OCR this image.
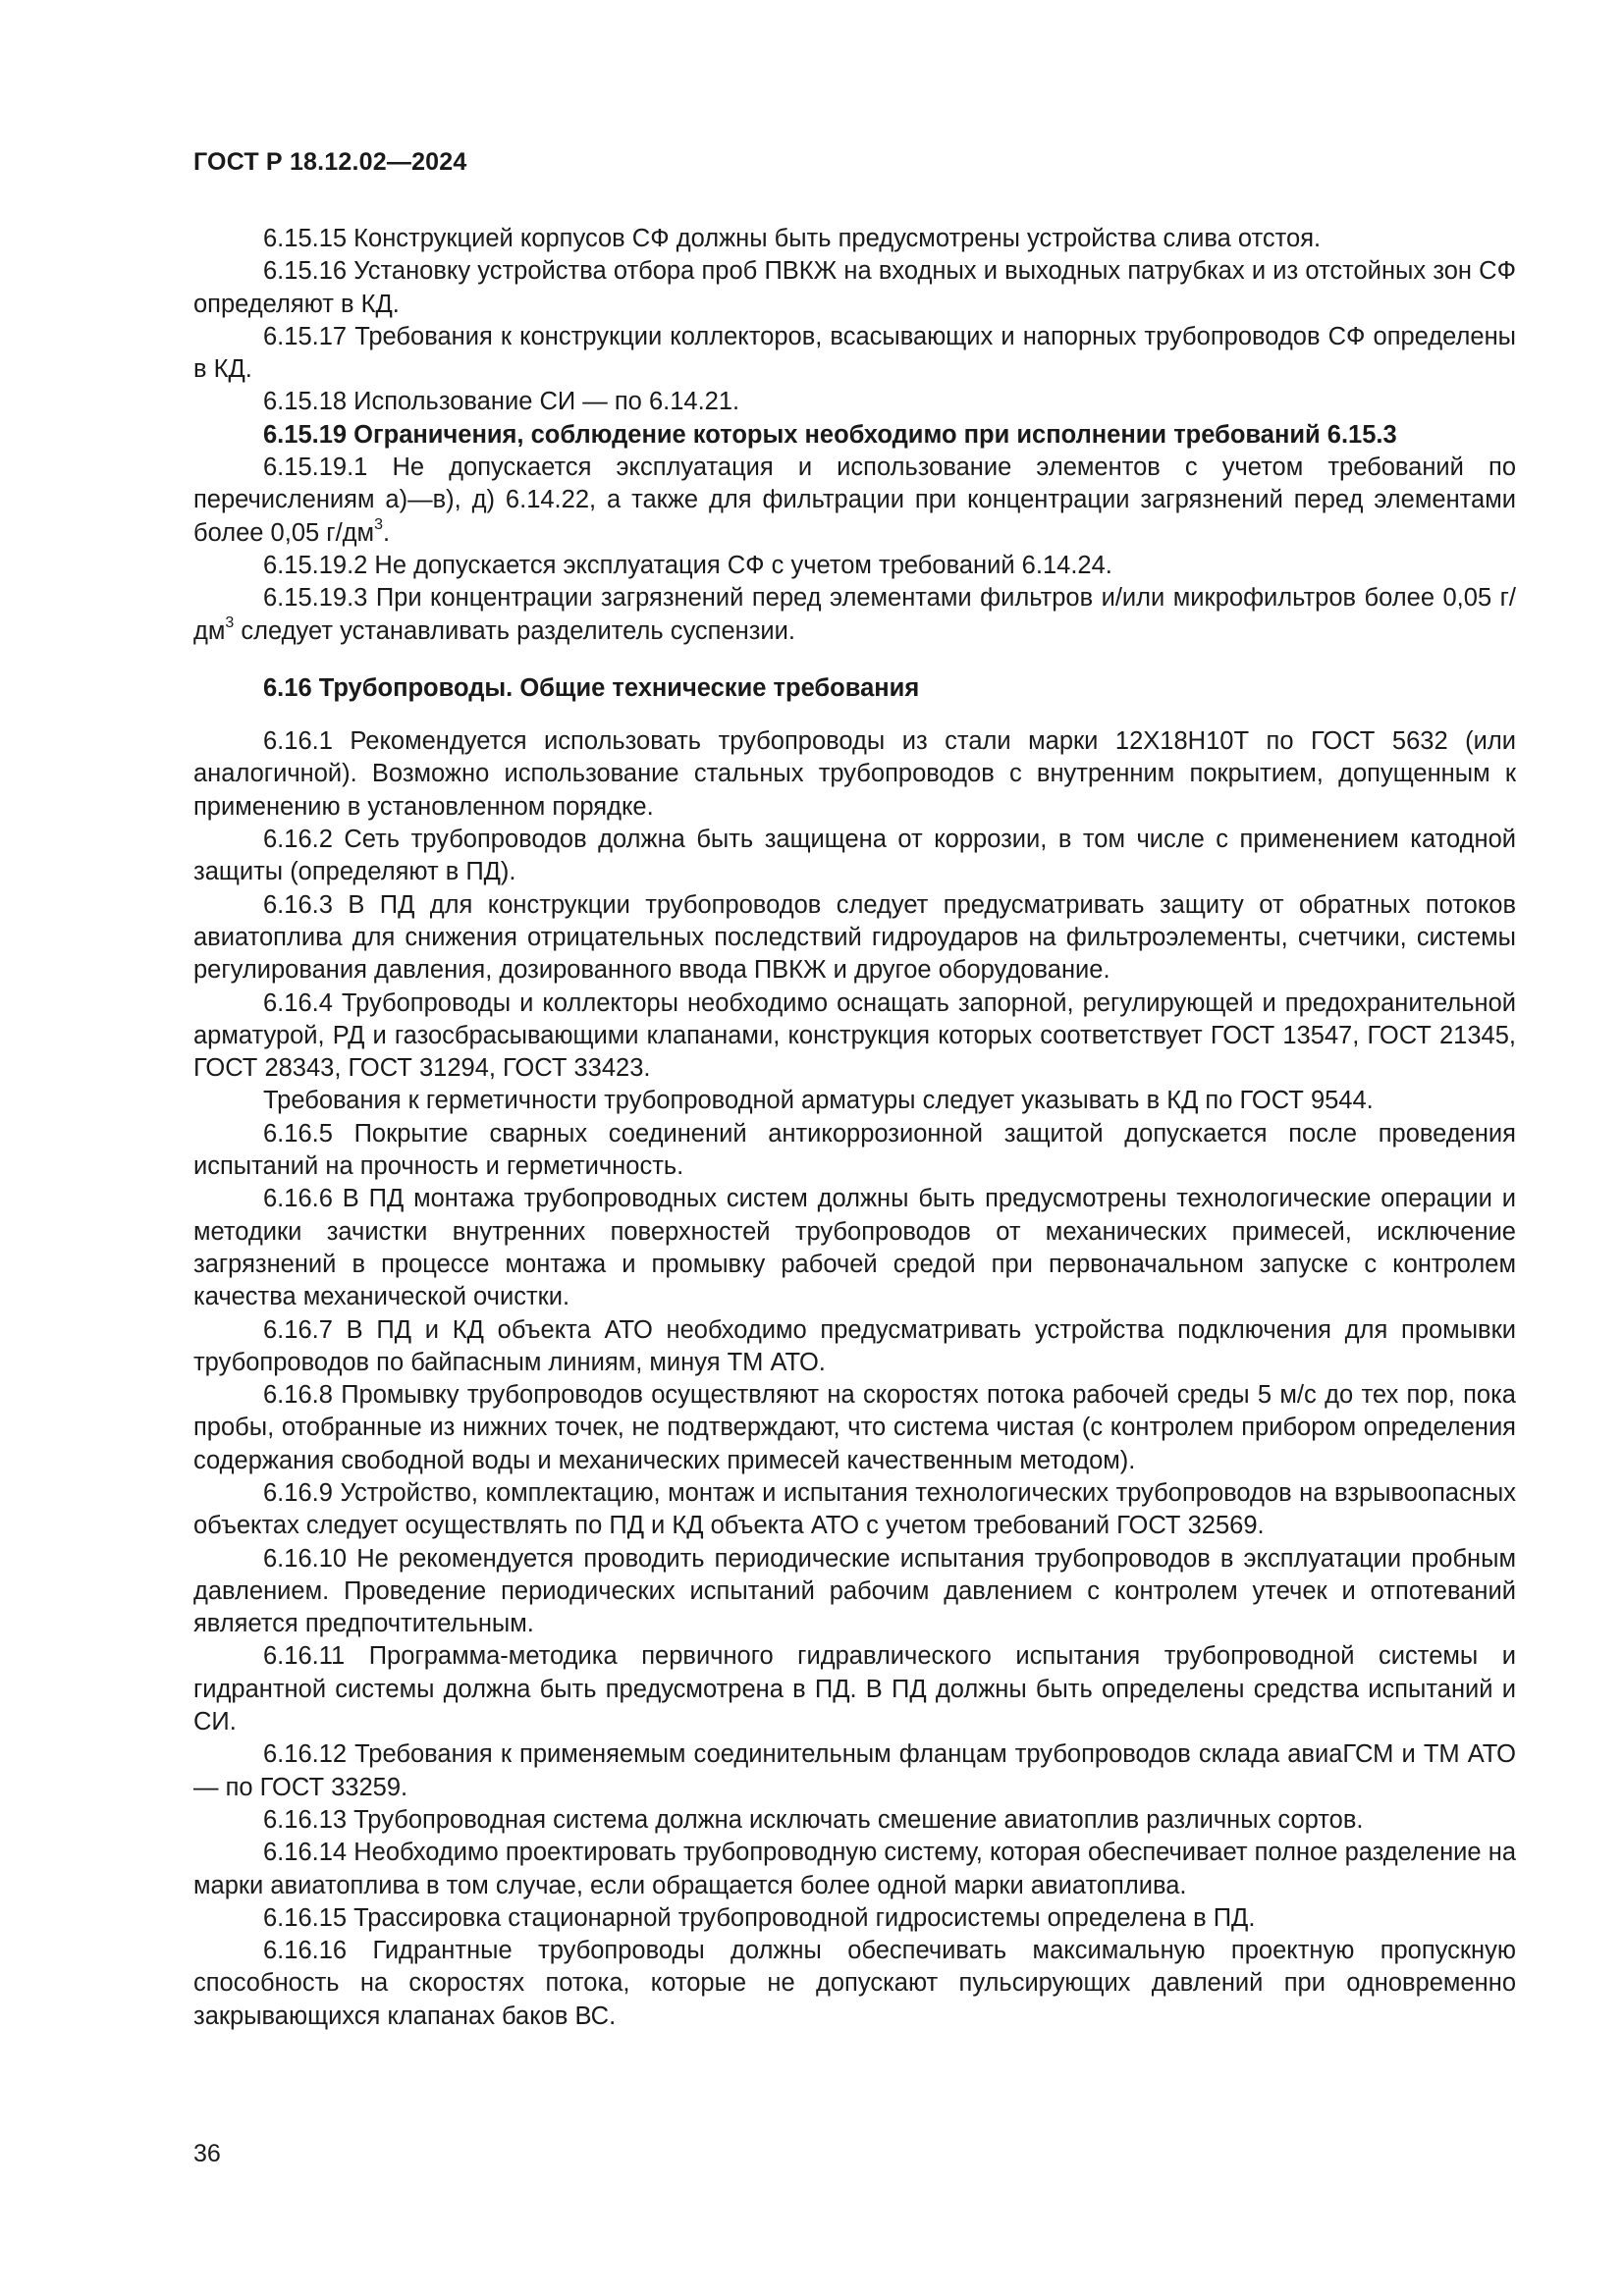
ГОСТ Р 18.12.02—2024

6.15.15 Конструкцией корпусов СФ должны быть предусмотрены устройства слива отстоя.

6.15.16 Установку устройства отбора проб ПВКЖ на входных и выходных патрубках и из отстойных зон СФ определяют в КД.

6.15.17 Требования к конструкции коллекторов, всасывающих и напорных трубопроводов СФ определены в КД.

6.15.18 Использование СИ — по 6.14.21.

6.15.19 Ограничения, соблюдение которых необходимо при исполнении требований 6.15.3

6.15.19.1 Не допускается эксплуатация и использование элементов с учетом требований по перечислениям а)—в), д) 6.14.22, а также для фильтрации при концентрации загрязнений перед элементами более 0,05 $г/дм^3$.

6.15.19.2 Не допускается эксплуатация СФ с учетом требований 6.14.24.

6.15.19.3 При концентрации загрязнений перед элементами фильтров и/или микрофильтров более 0,05 $г/дм^3$ следует устанавливать разделитель суспензии.

6.16 Трубопроводы. Общие технические требования

6.16.1 Рекомендуется использовать трубопроводы из стали марки 12Х18Н10Т по ГОСТ 5632 (или аналогичной). Возможно использование стальных трубопроводов с внутренним покрытием, допущенным к применению в установленном порядке.

6.16.2 Сеть трубопроводов должна быть защищена от коррозии, в том числе с применением катодной защиты (определяют в ПД).

6.16.3 В ПД для конструкции трубопроводов следует предусматривать защиту от обратных потоков авиатоплива для снижения отрицательных последствий гидроударов на фильтроэлементы, счетчики, системы регулирования давления, дозированного ввода ПВКЖ и другое оборудование.

6.16.4 Трубопроводы и коллекторы необходимо оснащать запорной, регулирующей и предохранительной арматурой, РД и газосбрасывающими клапанами, конструкция которых соответствует ГОСТ 13547, ГОСТ 21345, ГОСТ 28343, ГОСТ 31294, ГОСТ 33423.

Требования к герметичности трубопроводной арматуры следует указывать в КД по ГОСТ 9544.

6.16.5 Покрытие сварных соединений антикоррозионной защитой допускается после проведения испытаний на прочность и герметичность.

6.16.6 В ПД монтажа трубопроводных систем должны быть предусмотрены технологические операции и методики зачистки внутренних поверхностей трубопроводов от механических примесей, исключение загрязнений в процессе монтажа и промывку рабочей средой при первоначальном запуске с контролем качества механической очистки.

6.16.7 В ПД и КД объекта АТО необходимо предусматривать устройства подключения для промывки трубопроводов по байпасным линиям, минуя ТМ АТО.

6.16.8 Промывку трубопроводов осуществляют на скоростях потока рабочей среды 5 м/с до тех пор, пока пробы, отобранные из нижних точек, не подтверждают, что система чистая (с контролем прибором определения содержания свободной воды и механических примесей качественным методом).

6.16.9 Устройство, комплектацию, монтаж и испытания технологических трубопроводов на взрывоопасных объектах следует осуществлять по ПД и КД объекта АТО с учетом требований ГОСТ 32569.

6.16.10 Не рекомендуется проводить периодические испытания трубопроводов в эксплуатации пробным давлением. Проведение периодических испытаний рабочим давлением с контролем утечек и отпотеваний является предпочтительным.

6.16.11 Программа-методика первичного гидравлического испытания трубопроводной системы и гидрантной системы должна быть предусмотрена в ПД. В ПД должны быть определены средства испытаний и СИ.

6.16.12 Требования к применяемым соединительным фланцам трубопроводов склада авиаГСМ и ТМ АТО — по ГОСТ 33259.

6.16.13 Трубопроводная система должна исключать смешение авиатоплив различных сортов.

6.16.14 Необходимо проектировать трубопроводную систему, которая обеспечивает полное разделение на марки авиатоплива в том случае, если обращается более одной марки авиатоплива.

6.16.15 Трассировка стационарной трубопроводной гидросистемы определена в ПД.

6.16.16 Гидрантные трубопроводы должны обеспечивать максимальную проектную пропускную способность на скоростях потока, которые не допускают пульсирующих давлений при одновременно закрывающихся клапанах баков ВС.

36
